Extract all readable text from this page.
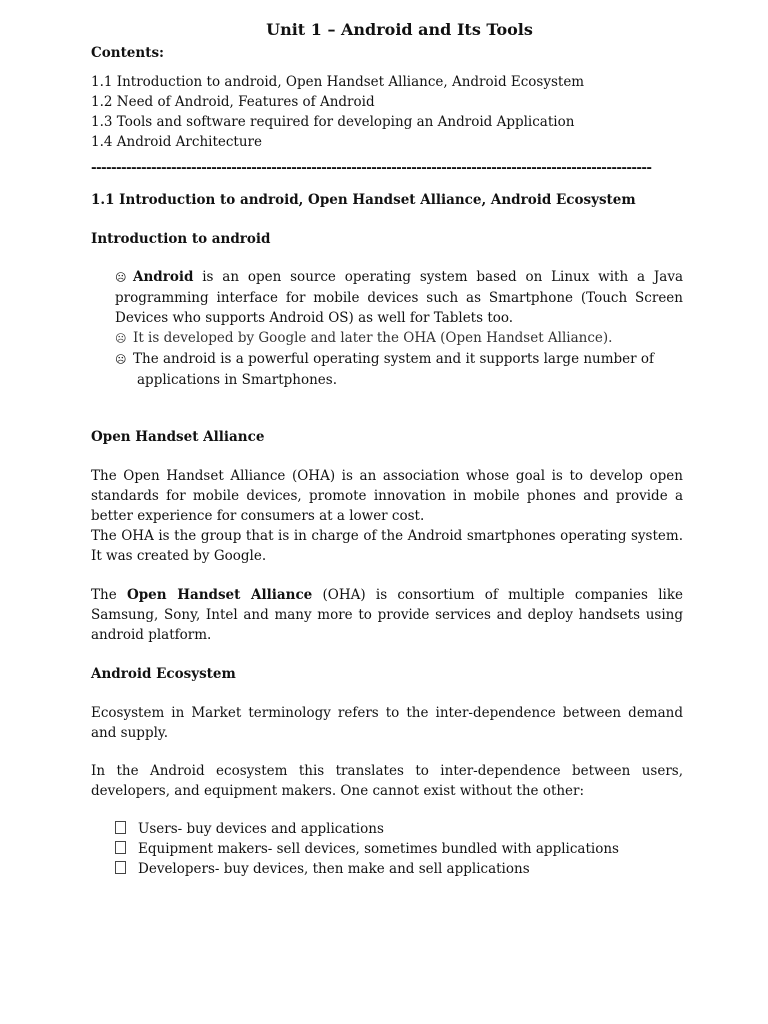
Unit 1 – Android and Its Tools
Contents:
1.1 Introduction to android, Open Handset Alliance, Android Ecosystem
1.2 Need of Android, Features of Android
1.3 Tools and software required for developing an Android Application
1.4 Android Architecture
----------------------------------------------------------------------------------------------------------------
1.1 Introduction to android, Open Handset Alliance, Android Ecosystem
Introduction to android
☹ Android is an open source operating system based on Linux with a Java programming interface for mobile devices such as Smartphone (Touch Screen Devices who supports Android OS) as well for Tablets too.
☹ It is developed by Google and later the OHA (Open Handset Alliance).
☹ The android is a powerful operating system and it supports large number of
applications in Smartphones.
Open Handset Alliance

The Open Handset Alliance (OHA) is an association whose goal is to develop open standards for mobile devices, promote innovation in mobile phones and provide a better experience for consumers at a lower cost.

The OHA is the group that is in charge of the Android smartphones operating system. It was created by Google.

The Open Handset Alliance (OHA) is consortium of multiple companies like Samsung, Sony, Intel and many more to provide services and deploy handsets using android platform.

Android Ecosystem

Ecosystem in Market terminology refers to the inter-dependence between demand and supply.

In the Android ecosystem this translates to inter-dependence between users, developers, and equipment makers. One cannot exist without the other:

Users- buy devices and applications
Equipment makers- sell devices, sometimes bundled with applications
Developers- buy devices, then make and sell applications
